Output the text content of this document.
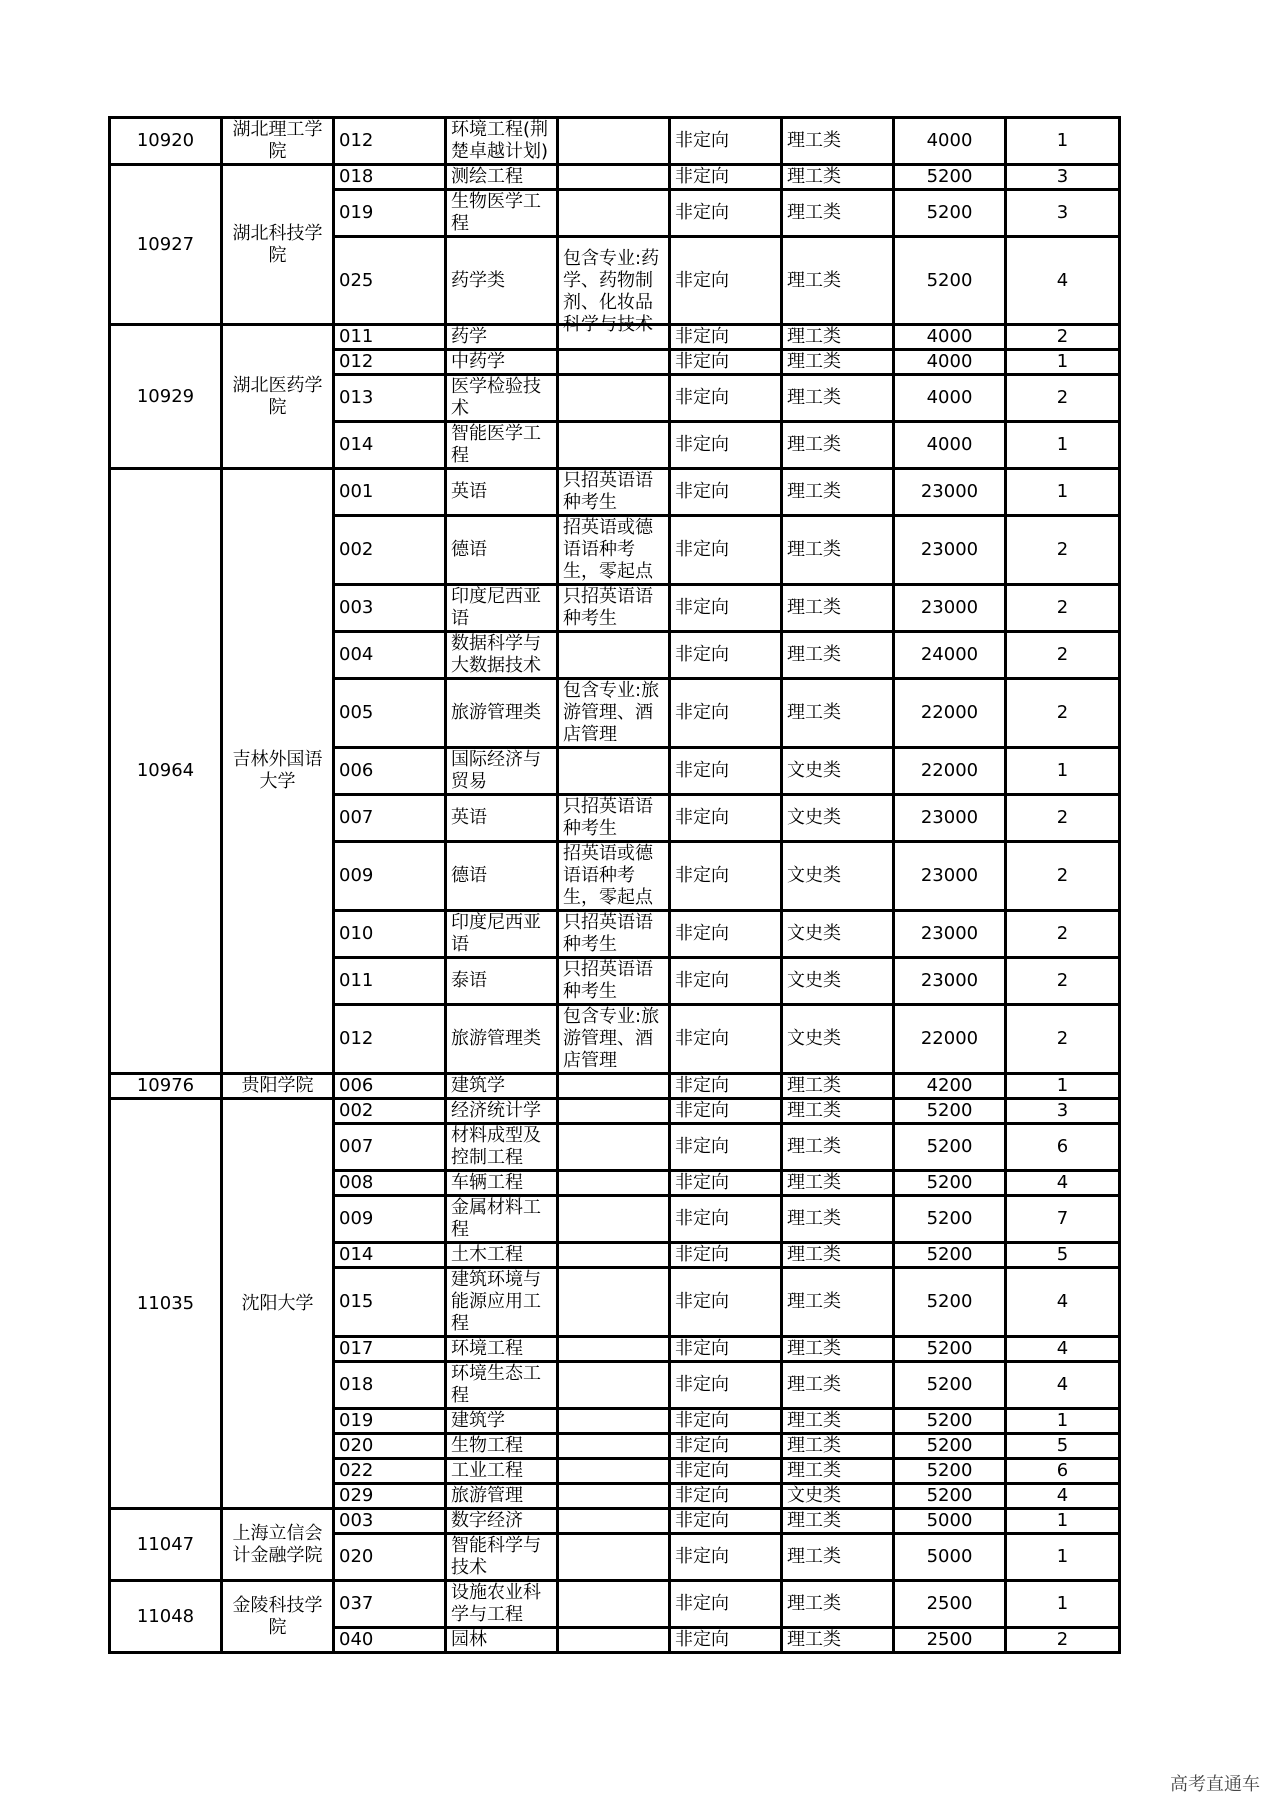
10920	湖北理工学院	012	环境工程(荆楚卓越计划)		非定向	理工类	4000	1
10927	湖北科技学院	018	测绘工程		非定向	理工类	5200	3
		019	生物医学工程		非定向	理工类	5200	3
		025	药学类	包含专业:药学、药物制剂、化妆品科学与技术	非定向	理工类	5200	4
10929	湖北医药学院	011	药学		非定向	理工类	4000	2
		012	中药学		非定向	理工类	4000	1
		013	医学检验技术		非定向	理工类	4000	2
		014	智能医学工程		非定向	理工类	4000	1
10964	吉林外国语大学	001	英语	只招英语语种考生	非定向	理工类	23000	1
		002	德语	招英语或德语语种考生，零起点	非定向	理工类	23000	2
		003	印度尼西亚语	只招英语语种考生	非定向	理工类	23000	2
		004	数据科学与大数据技术		非定向	理工类	24000	2
		005	旅游管理类	包含专业:旅游管理、酒店管理	非定向	理工类	22000	2
		006	国际经济与贸易		非定向	文史类	22000	1
		007	英语	只招英语语种考生	非定向	文史类	23000	2
		009	德语	招英语或德语语种考生，零起点	非定向	文史类	23000	2
		010	印度尼西亚语	只招英语语种考生	非定向	文史类	23000	2
		011	泰语	只招英语语种考生	非定向	文史类	23000	2
		012	旅游管理类	包含专业:旅游管理、酒店管理	非定向	文史类	22000	2
10976	贵阳学院	006	建筑学		非定向	理工类	4200	1
11035	沈阳大学	002	经济统计学		非定向	理工类	5200	3
		007	材料成型及控制工程		非定向	理工类	5200	6
		008	车辆工程		非定向	理工类	5200	4
		009	金属材料工程		非定向	理工类	5200	7
		014	土木工程		非定向	理工类	5200	5
		015	建筑环境与能源应用工程		非定向	理工类	5200	4
		017	环境工程		非定向	理工类	5200	4
		018	环境生态工程		非定向	理工类	5200	4
		019	建筑学		非定向	理工类	5200	1
		020	生物工程		非定向	理工类	5200	5
		022	工业工程		非定向	理工类	5200	6
		029	旅游管理		非定向	文史类	5200	4
11047	上海立信会计金融学院	003	数字经济		非定向	理工类	5000	1
		020	智能科学与技术		非定向	理工类	5000	1
11048	金陵科技学院	037	设施农业科学与工程		非定向	理工类	2500	1
		040	园林		非定向	理工类	2500	2
高考直通车
